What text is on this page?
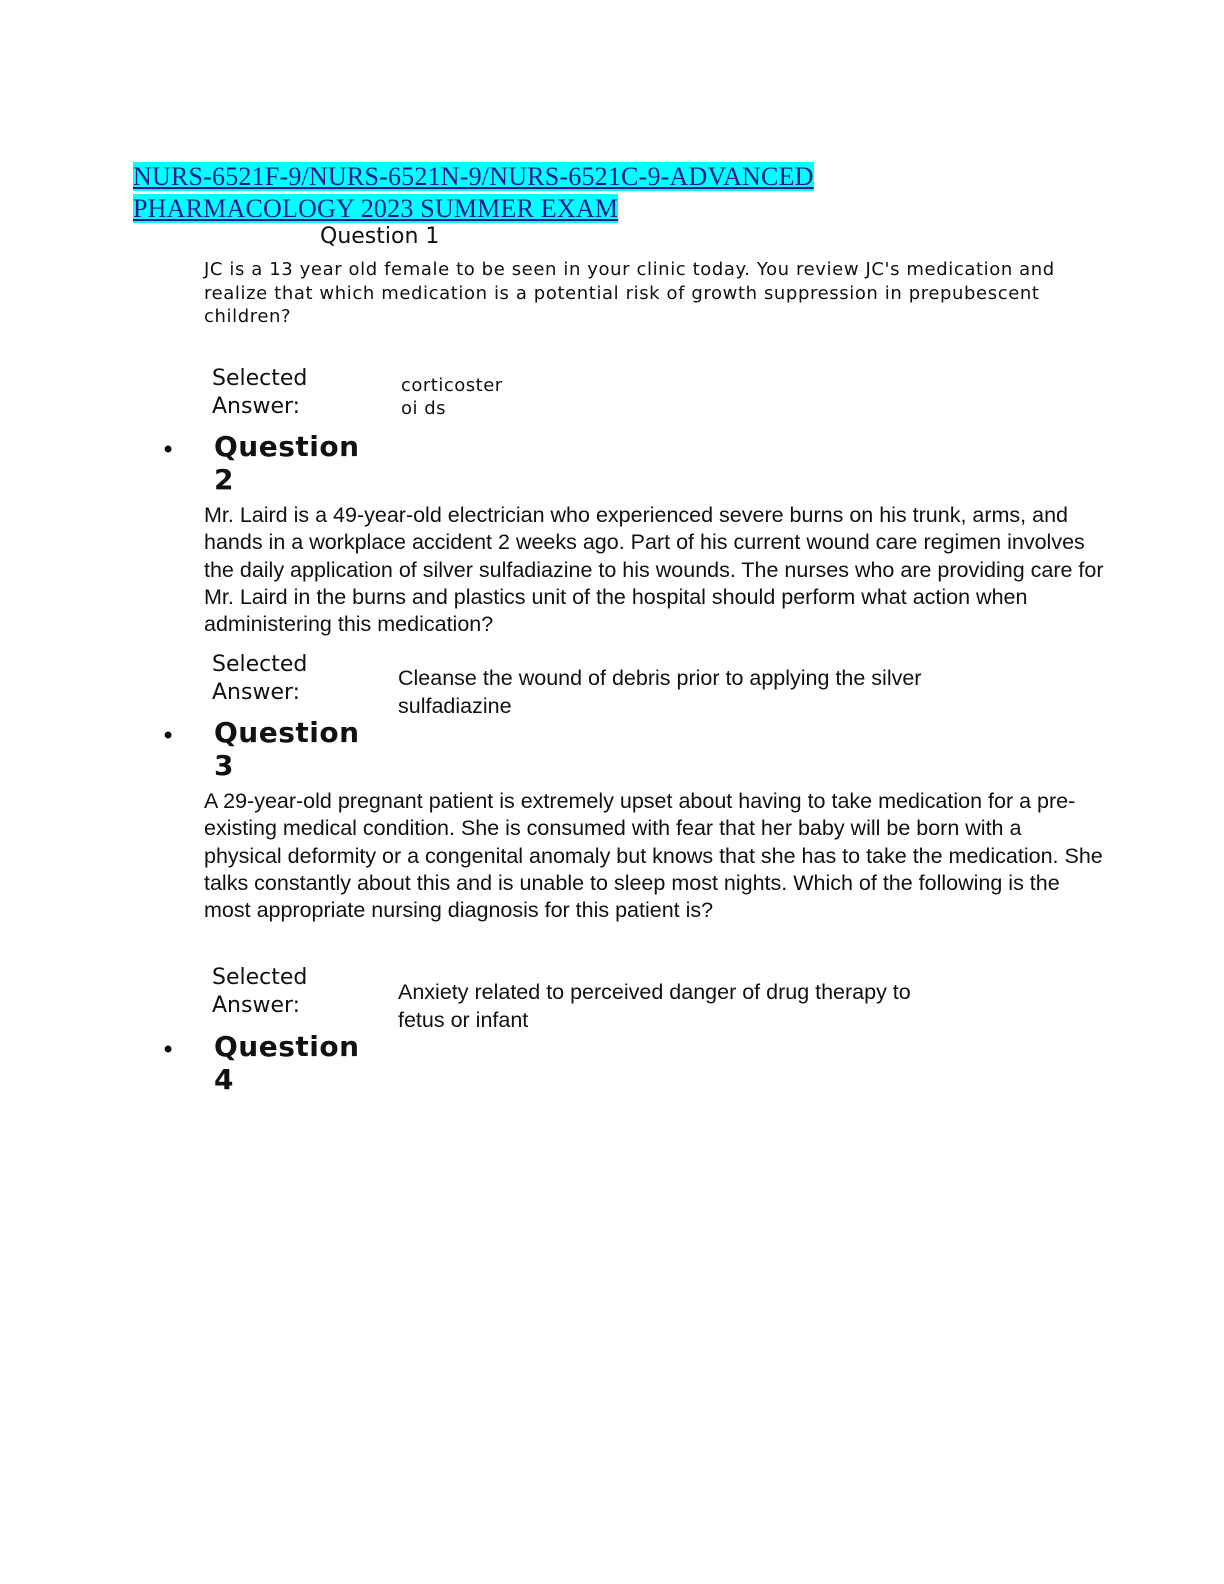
NURS-6521F-9/NURS-6521N-9/NURS-6521C-9-ADVANCED
PHARMACOLOGY 2023 SUMMER EXAM
Question 1
JC is a 13 year old female to be seen in your clinic today. You review JC's medication and realize that which medication is a potential risk of growth suppression in prepubescent children?
Selected
Answer:
corticoster
oi ds
• Question
2
Mr. Laird is a 49-year-old electrician who experienced severe burns on his trunk, arms, and hands in a workplace accident 2 weeks ago. Part of his current wound care regimen involves the daily application of silver sulfadiazine to his wounds. The nurses who are providing care for Mr. Laird in the burns and plastics unit of the hospital should perform what action when administering this medication?
Selected
Answer:
Cleanse the wound of debris prior to applying the silver sulfadiazine
• Question
3
A 29-year-old pregnant patient is extremely upset about having to take medication for a pre-existing medical condition. She is consumed with fear that her baby will be born with a physical deformity or a congenital anomaly but knows that she has to take the medication. She talks constantly about this and is unable to sleep most nights. Which of the following is the most appropriate nursing diagnosis for this patient is?
Selected
Answer:
Anxiety related to perceived danger of drug therapy to fetus or infant
• Question
4
